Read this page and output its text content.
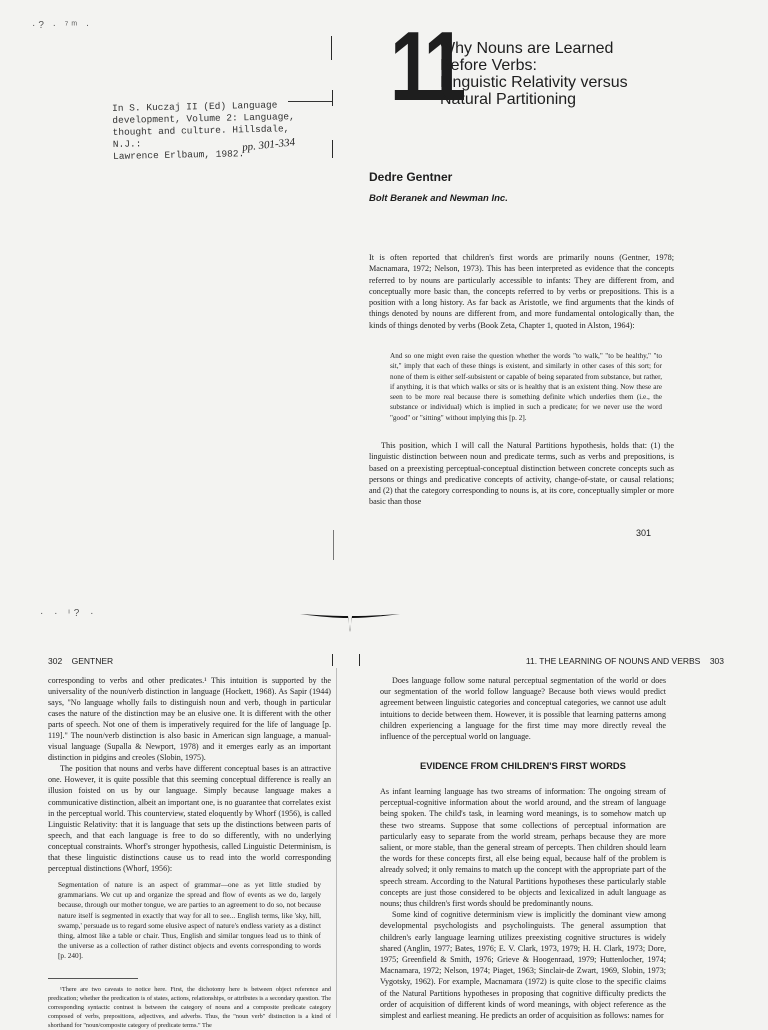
·? · ⁷ᵐ ·
· · ᶦ? ·
11
Why Nouns are Learned
Before Verbs:
Linguistic Relativity versus
Natural Partitioning
In S. Kuczaj II (Ed) Language
development, Volume 2: Language,
thought and culture. Hillsdale, N.J.:
Lawrence Erlbaum, 1982.
pp. 301-334
Dedre Gentner
Bolt Beranek and Newman Inc.

It is often reported that children's first words are primarily nouns (Gentner, 1978; Macnamara, 1972; Nelson, 1973). This has been interpreted as evidence that the concepts referred to by nouns are particularly accessible to infants: They are different from, and conceptually more basic than, the concepts referred to by verbs or prepositions. This is a position with a long history. As far back as Aristotle, we find arguments that the kinds of things denoted by nouns are different from, and more fundamental ontologically than, the kinds of things denoted by verbs (Book Zeta, Chapter 1, quoted in Alston, 1964):

And so one might even raise the question whether the words "to walk," "to be healthy," "to sit," imply that each of these things is existent, and similarly in other cases of this sort; for none of them is either self-subsistent or capable of being separated from substance, but rather, if anything, it is that which walks or sits or is healthy that is an existent thing. Now these are seen to be more real because there is something definite which underlies them (i.e., the substance or individual) which is implied in such a predicate; for we never use the word "good" or "sitting" without implying this [p. 2].

This position, which I will call the Natural Partitions hypothesis, holds that: (1) the linguistic distinction between noun and predicate terms, such as verbs and prepositions, is based on a preexisting perceptual-conceptual distinction between concrete concepts such as persons or things and predicative concepts of activity, change-of-state, or causal relations; and (2) that the category corresponding to nouns is, at its core, conceptually simpler or more basic than those

301
302 GENTNER

corresponding to verbs and other predicates.¹ This intuition is supported by the universality of the noun/verb distinction in language (Hockett, 1968). As Sapir (1944) says, "No language wholly fails to distinguish noun and verb, though in particular cases the nature of the distinction may be an elusive one. It is different with the other parts of speech. Not one of them is imperatively required for the life of language [p. 119]." The noun/verb distinction is also basic in American sign language, a manual-visual language (Supalla & Newport, 1978) and it emerges early as an important distinction in pidgins and creoles (Slobin, 1975).

The position that nouns and verbs have different conceptual bases is an attractive one. However, it is quite possible that this seeming conceptual difference is really an illusion foisted on us by our language. Simply because language makes a communicative distinction, albeit an important one, is no guarantee that correlates exist in the perceptual world. This counterview, stated eloquently by Whorf (1956), is called Linguistic Relativity: that it is language that sets up the distinctions between parts of speech, and that each language is free to do so differently, with no underlying conceptual constraints. Whorf's stronger hypothesis, called Linguistic Determinism, is that these linguistic distinctions cause us to read into the world corresponding perceptual distinctions (Whorf, 1956):

Segmentation of nature is an aspect of grammar—one as yet little studied by grammarians. We cut up and organize the spread and flow of events as we do, largely because, through our mother tongue, we are parties to an agreement to do so, not because nature itself is segmented in exactly that way for all to see... English terms, like 'sky, hill, swamp,' persuade us to regard some elusive aspect of nature's endless variety as a distinct thing, almost like a table or chair. Thus, English and similar tongues lead us to think of the universe as a collection of rather distinct objects and events corresponding to words [p. 240].

¹There are two caveats to notice here. First, the dichotomy here is between object reference and predication; whether the predication is of states, actions, relationships, or attributes is a secondary question. The corresponding syntactic contrast is between the category of nouns and a composite predicate category composed of verbs, prepositions, adjectives, and adverbs. Thus, the "noun verb" distinction is a kind of shorthand for "noun/composite category of predicate terms." The

11. THE LEARNING OF NOUNS AND VERBS 303

Does language follow some natural perceptual segmentation of the world or does our segmentation of the world follow language? Because both views would predict agreement between linguistic categories and conceptual categories, we cannot use adult intuitions to decide between them. However, it is possible that learning patterns among children experiencing a language for the first time may more directly reveal the influence of the perceptual world on language.

EVIDENCE FROM CHILDREN'S FIRST WORDS

As infant learning language has two streams of information: The ongoing stream of perceptual-cognitive information about the world around, and the stream of language being spoken. The child's task, in learning word meanings, is to somehow match up these two streams. Suppose that some collections of perceptual information are particularly easy to separate from the world stream, perhaps because they are more salient, or more stable, than the general stream of percepts. Then children should learn the words for these concepts first, all else being equal, because half of the problem is already solved; it only remains to match up the concept with the appropriate part of the speech stream. According to the Natural Partitions hypotheses these particularly stable concepts are just those considered to be objects and lexicalized in adult language as nouns; thus children's first words should be predominantly nouns.

Some kind of cognitive determinism view is implicitly the dominant view among developmental psychologists and psycholinguists. The general assumption that children's early language learning utilizes preexisting cognitive structures is widely shared (Anglin, 1977; Bates, 1976; E. V. Clark, 1973, 1979; H. H. Clark, 1973; Dore, 1975; Greenfield & Smith, 1976; Grieve & Hoogenraad, 1979; Huttenlocher, 1974; Macnamara, 1972; Nelson, 1974; Piaget, 1963; Sinclair-de Zwart, 1969, Slobin, 1973; Vygotsky, 1962). For example, Macnamara (1972) is quite close to the specific claims of the Natural Partitions hypotheses in proposing that cognitive difficulty predicts the order of acquisition of different kinds of word meanings, with object reference as the simplest and earliest meaning. He predicts an order of acquisition as follows: names for
